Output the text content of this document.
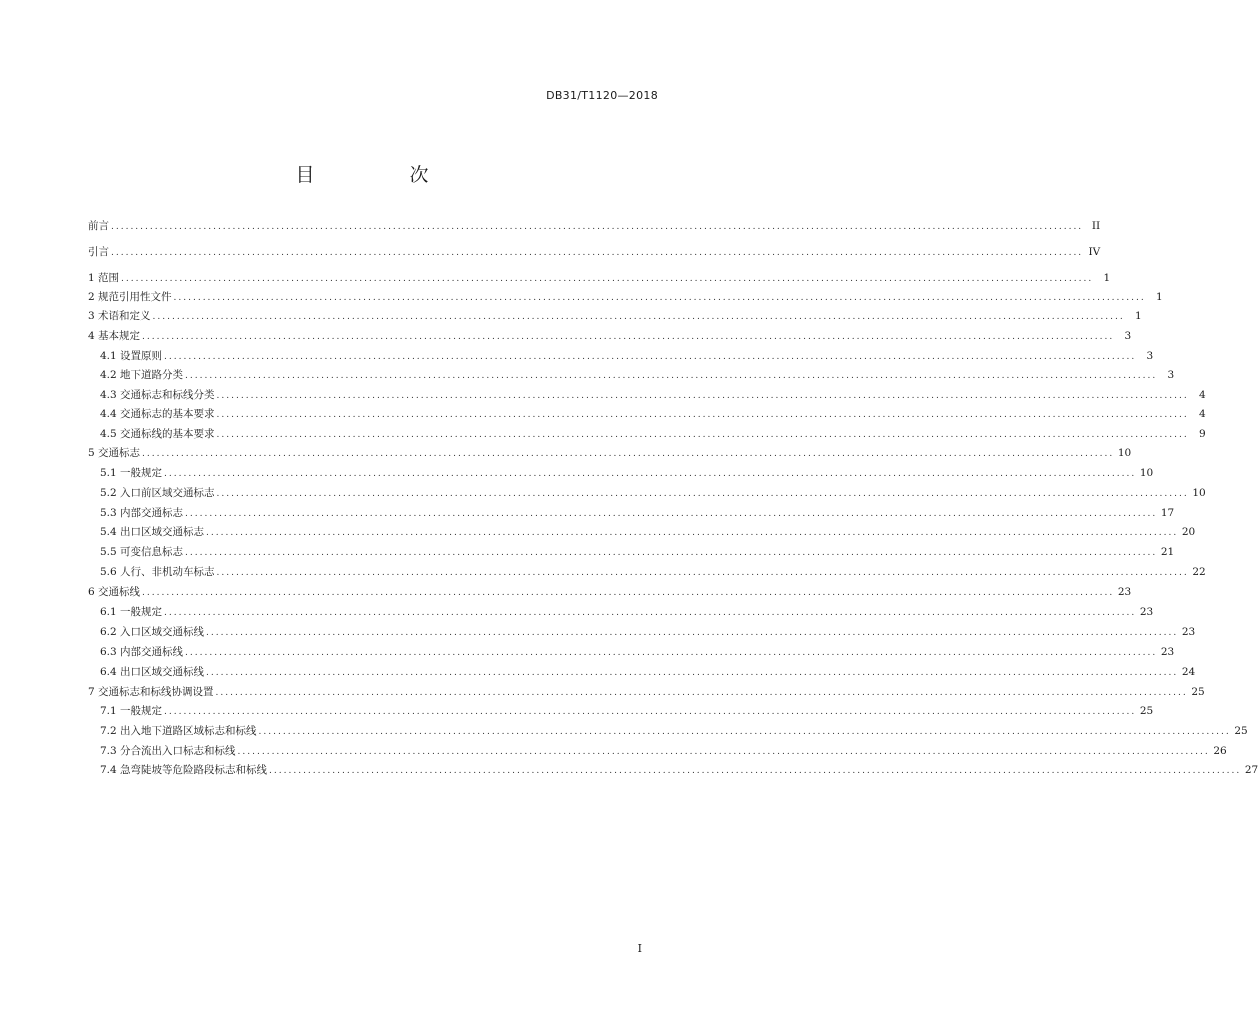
DB31/T1120—2018
目　次
前言 ........................................................................................................................................................................................................ II
引言 ........................................................................................................................................................................................................ IV
1 范围 ........................................................................................................................................................................................................ 1
2 规范引用性文件 ........................................................................................................................................................................................................ 1
3 术语和定义 ........................................................................................................................................................................................................ 1
4 基本规定 ........................................................................................................................................................................................................ 3
4.1 设置原则 ........................................................................................................................................................................................................ 3
4.2 地下道路分类 ........................................................................................................................................................................................................ 3
4.3 交通标志和标线分类 ........................................................................................................................................................................................................ 4
4.4 交通标志的基本要求 ........................................................................................................................................................................................................ 4
4.5 交通标线的基本要求 ........................................................................................................................................................................................................ 9
5 交通标志 ........................................................................................................................................................................................................ 10
5.1 一般规定 ........................................................................................................................................................................................................ 10
5.2 入口前区域交通标志 ........................................................................................................................................................................................................ 10
5.3 内部交通标志 ........................................................................................................................................................................................................ 17
5.4 出口区域交通标志 ........................................................................................................................................................................................................ 20
5.5 可变信息标志 ........................................................................................................................................................................................................ 21
5.6 人行、非机动车标志 ........................................................................................................................................................................................................ 22
6 交通标线 ........................................................................................................................................................................................................ 23
6.1 一般规定 ........................................................................................................................................................................................................ 23
6.2 入口区域交通标线 ........................................................................................................................................................................................................ 23
6.3 内部交通标线 ........................................................................................................................................................................................................ 23
6.4 出口区域交通标线 ........................................................................................................................................................................................................ 24
7 交通标志和标线协调设置 ........................................................................................................................................................................................................ 25
7.1 一般规定 ........................................................................................................................................................................................................ 25
7.2 出入地下道路区域标志和标线 ........................................................................................................................................................................................................ 25
7.3 分合流出入口标志和标线 ........................................................................................................................................................................................................ 26
7.4 急弯陡坡等危险路段标志和标线 ........................................................................................................................................................................................................ 27
I
